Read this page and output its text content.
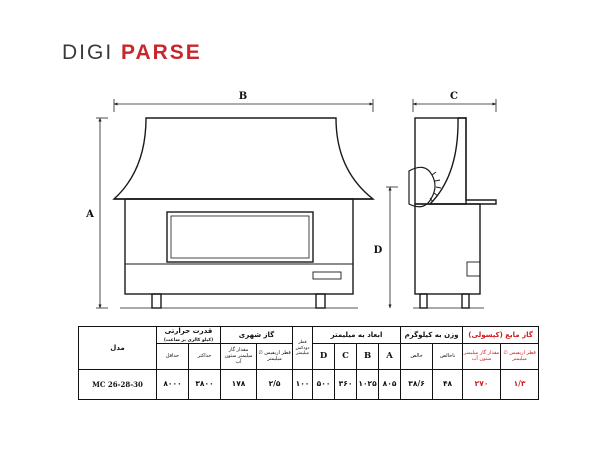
DIGI PARSE
B	C
A
D
گاز مایع (کپسولی)		وزن به کیلوگرم		ابعاد به میلیمتر				قطر دودکش میلیمتر	گاز شهری		قدرت حرارتی
(کیلو کالری بر ساعت)		مدل
قطر اریفیس ∅ میلیمتر	مقدار گاز میلیمتر ستون آب	ناخالص	خالص	A	B	C	D		قطر اریفیس ∅ میلیمتر	مقدار گاز میلیمتر ستون آب	حداکثر	حداقل	
۱/۳	۲۷۰	۴۸	۳۸/۶	۸۰۵	۱۰۲۵	۳۶۰	۵۰۰	۱۰۰	۲/۵	۱۷۸	۳۸۰۰	۸۰۰۰	MC 26-28-30
